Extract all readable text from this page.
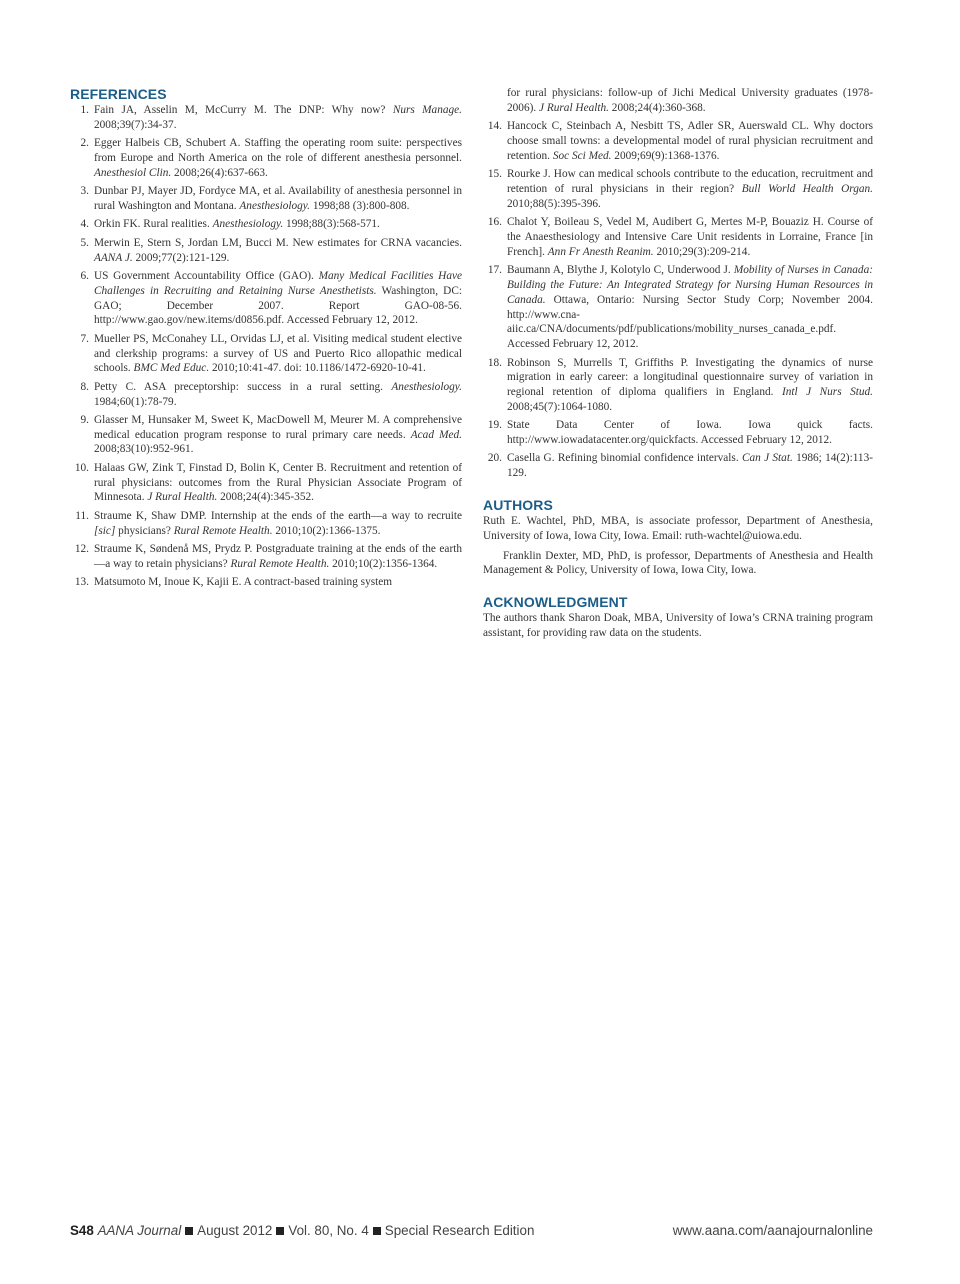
REFERENCES
1. Fain JA, Asselin M, McCurry M. The DNP: Why now? Nurs Manage. 2008;39(7):34-37.
2. Egger Halbeis CB, Schubert A. Staffing the operating room suite: perspectives from Europe and North America on the role of different anesthesia personnel. Anesthesiol Clin. 2008;26(4):637-663.
3. Dunbar PJ, Mayer JD, Fordyce MA, et al. Availability of anesthesia personnel in rural Washington and Montana. Anesthesiology. 1998;88 (3):800-808.
4. Orkin FK. Rural realities. Anesthesiology. 1998;88(3):568-571.
5. Merwin E, Stern S, Jordan LM, Bucci M. New estimates for CRNA vacancies. AANA J. 2009;77(2):121-129.
6. US Government Accountability Office (GAO). Many Medical Facilities Have Challenges in Recruiting and Retaining Nurse Anesthetists. Washington, DC: GAO; December 2007. Report GAO-08-56. http://www.gao.gov/new.items/d0856.pdf. Accessed February 12, 2012.
7. Mueller PS, McConahey LL, Orvidas LJ, et al. Visiting medical student elective and clerkship programs: a survey of US and Puerto Rico allopathic medical schools. BMC Med Educ. 2010;10:41-47. doi: 10.1186/1472-6920-10-41.
8. Petty C. ASA preceptorship: success in a rural setting. Anesthesiology. 1984;60(1):78-79.
9. Glasser M, Hunsaker M, Sweet K, MacDowell M, Meurer M. A comprehensive medical education program response to rural primary care needs. Acad Med. 2008;83(10):952-961.
10. Halaas GW, Zink T, Finstad D, Bolin K, Center B. Recruitment and retention of rural physicians: outcomes from the Rural Physician Associate Program of Minnesota. J Rural Health. 2008;24(4):345-352.
11. Straume K, Shaw DMP. Internship at the ends of the earth—a way to recruite [sic] physicians? Rural Remote Health. 2010;10(2):1366-1375.
12. Straume K, Søndenå MS, Prydz P. Postgraduate training at the ends of the earth—a way to retain physicians? Rural Remote Health. 2010;10(2):1356-1364.
13. Matsumoto M, Inoue K, Kajii E. A contract-based training system
for rural physicians: follow-up of Jichi Medical University graduates (1978-2006). J Rural Health. 2008;24(4):360-368.
14. Hancock C, Steinbach A, Nesbitt TS, Adler SR, Auerswald CL. Why doctors choose small towns: a developmental model of rural physician recruitment and retention. Soc Sci Med. 2009;69(9):1368-1376.
15. Rourke J. How can medical schools contribute to the education, recruitment and retention of rural physicians in their region? Bull World Health Organ. 2010;88(5):395-396.
16. Chalot Y, Boileau S, Vedel M, Audibert G, Mertes M-P, Bouaziz H. Course of the Anaesthesiology and Intensive Care Unit residents in Lorraine, France [in French]. Ann Fr Anesth Reanim. 2010;29(3):209-214.
17. Baumann A, Blythe J, Kolotylo C, Underwood J. Mobility of Nurses in Canada: Building the Future: An Integrated Strategy for Nursing Human Resources in Canada. Ottawa, Ontario: Nursing Sector Study Corp; November 2004. http://www.cna-aiic.ca/CNA/documents/pdf/publications/mobility_nurses_canada_e.pdf. Accessed February 12, 2012.
18. Robinson S, Murrells T, Griffiths P. Investigating the dynamics of nurse migration in early career: a longitudinal questionnaire survey of variation in regional retention of diploma qualifiers in England. Intl J Nurs Stud. 2008;45(7):1064-1080.
19. State Data Center of Iowa. Iowa quick facts. http://www.iowadatacenter.org/quickfacts. Accessed February 12, 2012.
20. Casella G. Refining binomial confidence intervals. Can J Stat. 1986; 14(2):113-129.
AUTHORS

Ruth E. Wachtel, PhD, MBA, is associate professor, Department of Anesthesia, University of Iowa, Iowa City, Iowa. Email: ruth-wachtel@uiowa.edu.

Franklin Dexter, MD, PhD, is professor, Departments of Anesthesia and Health Management & Policy, University of Iowa, Iowa City, Iowa.

ACKNOWLEDGMENT

The authors thank Sharon Doak, MBA, University of Iowa’s CRNA training program assistant, for providing raw data on the students.

S48 AANA Journal August 2012 Vol. 80, No. 4 Special Research Edition	www.aana.com/aanajournalonline
